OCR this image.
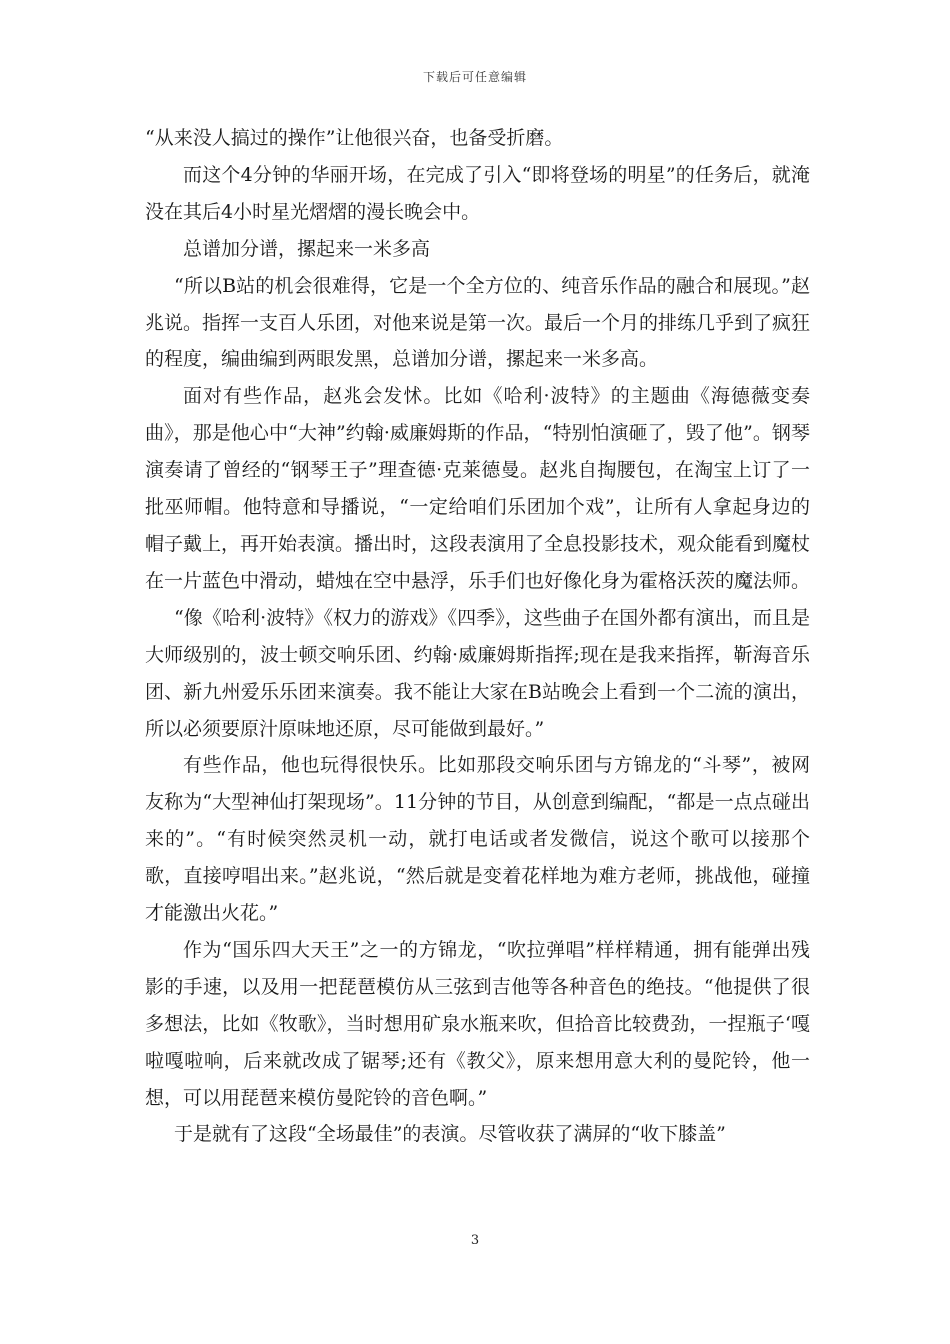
下载后可任意编辑

“从来没人搞过的操作”让他很兴奋，也备受折磨。

而这个4分钟的华丽开场，在完成了引入“即将登场的明星”的任务后，就淹没在其后4小时星光熠熠的漫长晚会中。

总谱加分谱，摞起来一米多高

“所以B站的机会很难得，它是一个全方位的、纯音乐作品的融合和展现。”赵兆说。指挥一支百人乐团，对他来说是第一次。最后一个月的排练几乎到了疯狂的程度，编曲编到两眼发黑，总谱加分谱，摞起来一米多高。

面对有些作品，赵兆会发怵。比如《哈利·波特》的主题曲《海德薇变奏曲》，那是他心中“大神”约翰·威廉姆斯的作品，“特别怕演砸了，毁了他”。钢琴演奏请了曾经的“钢琴王子”理查德·克莱德曼。赵兆自掏腰包，在淘宝上订了一批巫师帽。他特意和导播说，“一定给咱们乐团加个戏”，让所有人拿起身边的帽子戴上，再开始表演。播出时，这段表演用了全息投影技术，观众能看到魔杖在一片蓝色中滑动，蜡烛在空中悬浮，乐手们也好像化身为霍格沃茨的魔法师。

“像《哈利·波特》《权力的游戏》《四季》，这些曲子在国外都有演出，而且是大师级别的，波士顿交响乐团、约翰·威廉姆斯指挥;现在是我来指挥，靳海音乐团、新九州爱乐乐团来演奏。我不能让大家在B站晚会上看到一个二流的演出，所以必须要原汁原味地还原，尽可能做到最好。”

有些作品，他也玩得很快乐。比如那段交响乐团与方锦龙的“斗琴”，被网友称为“大型神仙打架现场”。11分钟的节目，从创意到编配，“都是一点点碰出来的”。“有时候突然灵机一动，就打电话或者发微信，说这个歌可以接那个歌，直接哼唱出来。”赵兆说，“然后就是变着花样地为难方老师，挑战他，碰撞才能激出火花。”

作为“国乐四大天王”之一的方锦龙，“吹拉弹唱”样样精通，拥有能弹出残影的手速，以及用一把琵琶模仿从三弦到吉他等各种音色的绝技。“他提供了很多想法，比如《牧歌》，当时想用矿泉水瓶来吹，但拾音比较费劲，一捏瓶子‘嘎啦嘎啦响，后来就改成了锯琴;还有《教父》，原来想用意大利的曼陀铃，他一想，可以用琵琶来模仿曼陀铃的音色啊。”

于是就有了这段“全场最佳”的表演。尽管收获了满屏的“收下膝盖”

3
